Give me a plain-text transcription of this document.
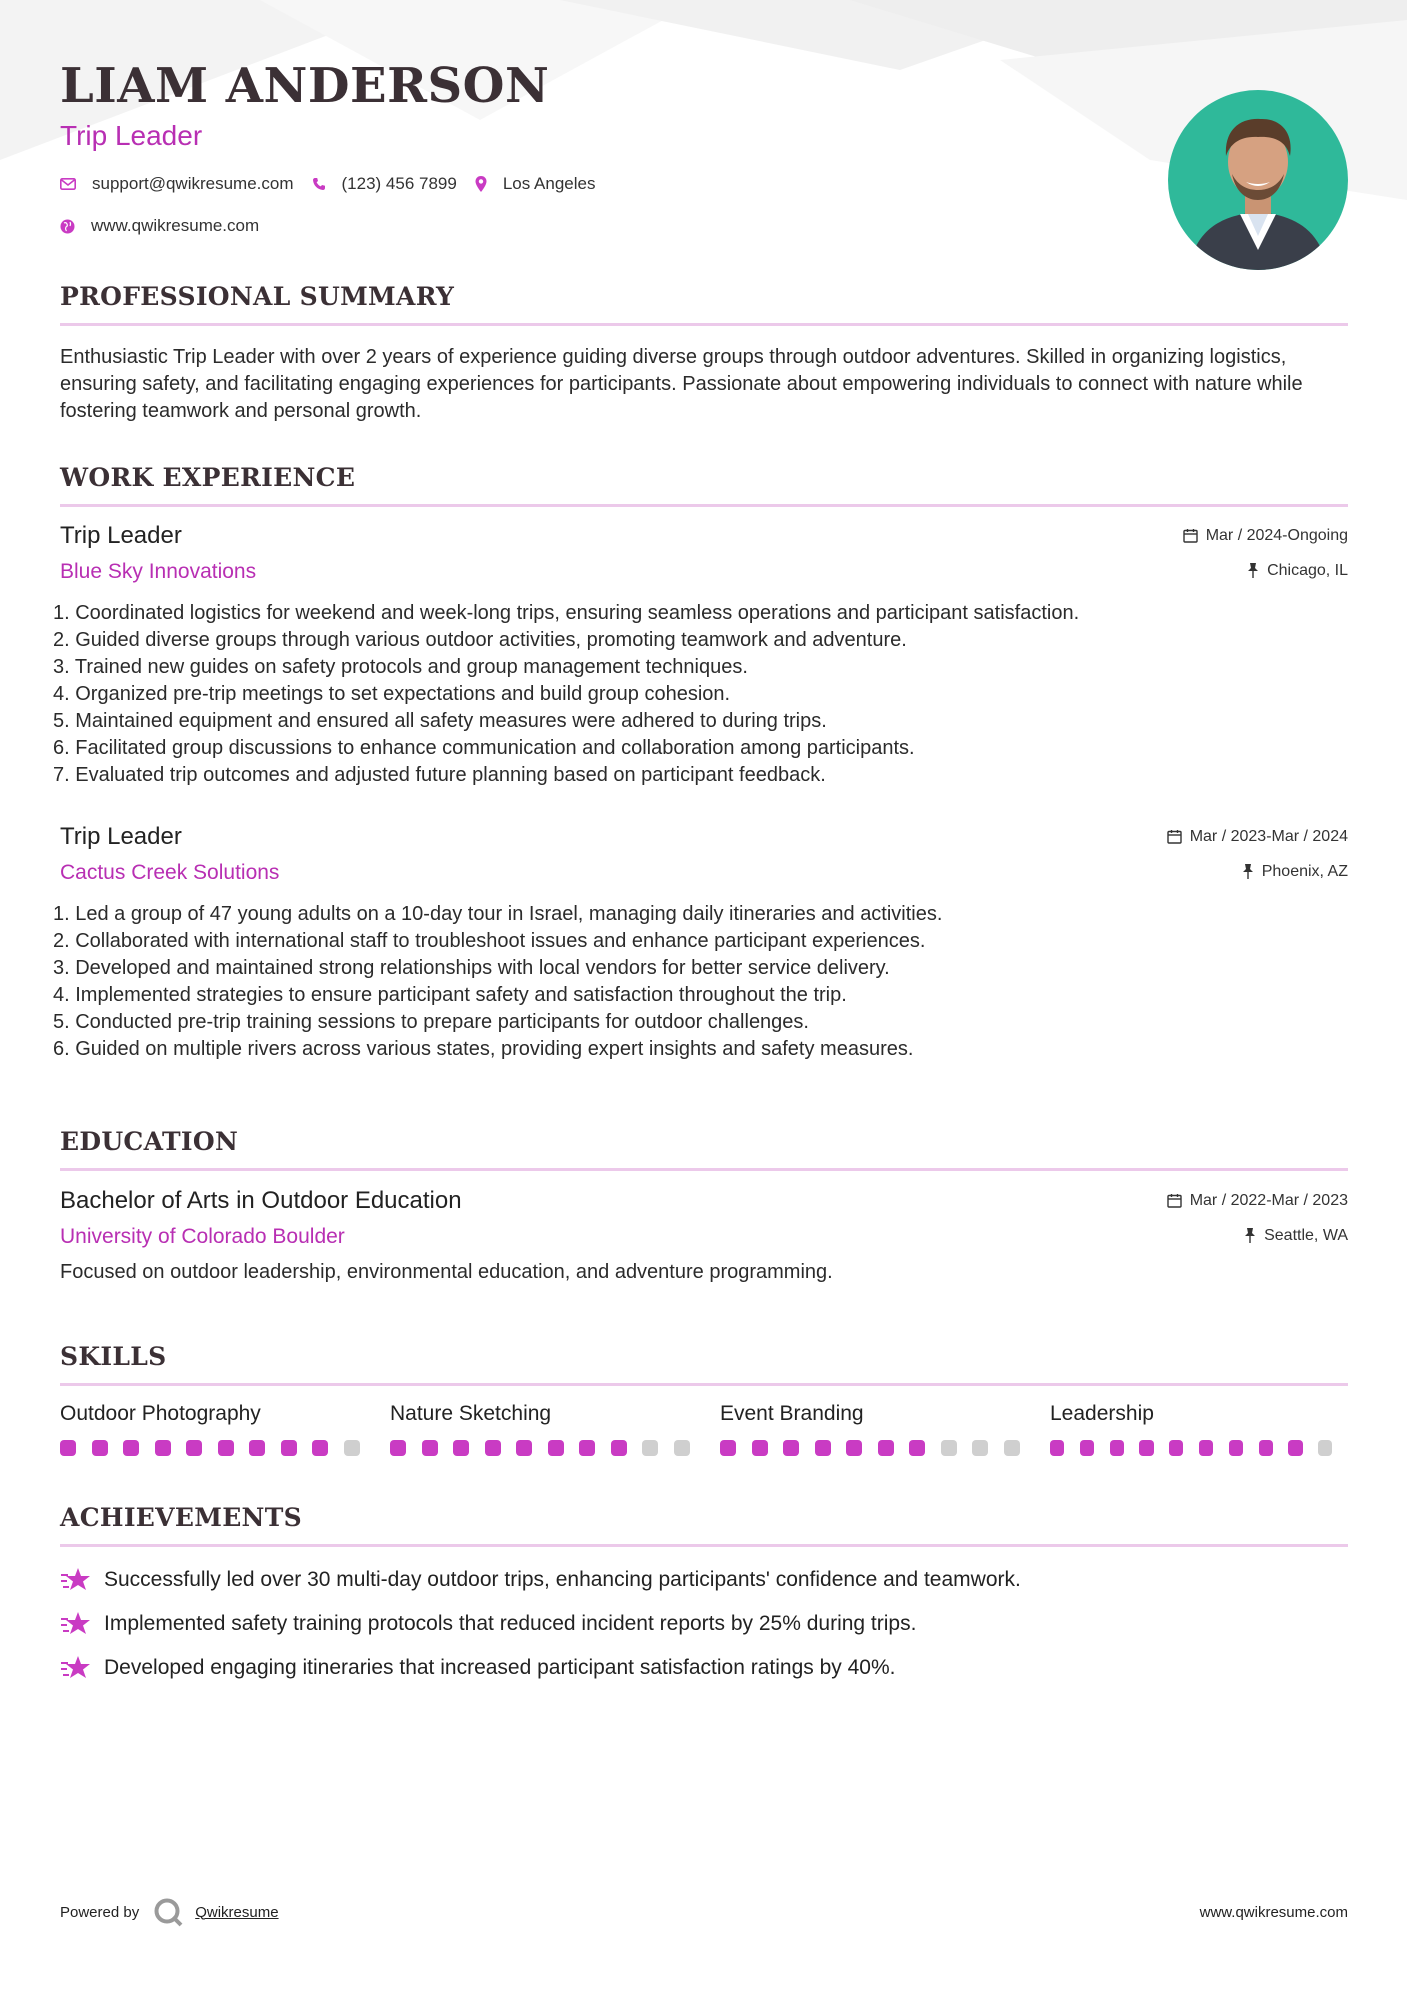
LIAM ANDERSON
Trip Leader
support@qwikresume.com	(123) 456 7899	Los Angeles
www.qwikresume.com
PROFESSIONAL SUMMARY
Enthusiastic Trip Leader with over 2 years of experience guiding diverse groups through outdoor adventures. Skilled in organizing logistics, ensuring safety, and facilitating engaging experiences for participants. Passionate about empowering individuals to connect with nature while fostering teamwork and personal growth.
WORK EXPERIENCE
Trip Leader	Mar / 2024-Ongoing
Blue Sky Innovations	Chicago, IL
1. Coordinated logistics for weekend and week-long trips, ensuring seamless operations and participant satisfaction.
2. Guided diverse groups through various outdoor activities, promoting teamwork and adventure.
3. Trained new guides on safety protocols and group management techniques.
4. Organized pre-trip meetings to set expectations and build group cohesion.
5. Maintained equipment and ensured all safety measures were adhered to during trips.
6. Facilitated group discussions to enhance communication and collaboration among participants.
7. Evaluated trip outcomes and adjusted future planning based on participant feedback.
Trip Leader	Mar / 2023-Mar / 2024
Cactus Creek Solutions	Phoenix, AZ
1. Led a group of 47 young adults on a 10-day tour in Israel, managing daily itineraries and activities.
2. Collaborated with international staff to troubleshoot issues and enhance participant experiences.
3. Developed and maintained strong relationships with local vendors for better service delivery.
4. Implemented strategies to ensure participant safety and satisfaction throughout the trip.
5. Conducted pre-trip training sessions to prepare participants for outdoor challenges.
6. Guided on multiple rivers across various states, providing expert insights and safety measures.
EDUCATION
Bachelor of Arts in Outdoor Education	Mar / 2022-Mar / 2023
University of Colorado Boulder	Seattle, WA
Focused on outdoor leadership, environmental education, and adventure programming.
SKILLS
Outdoor Photography	Nature Sketching	Event Branding	Leadership
ACHIEVEMENTS
Successfully led over 30 multi-day outdoor trips, enhancing participants' confidence and teamwork.
Implemented safety training protocols that reduced incident reports by 25% during trips.
Developed engaging itineraries that increased participant satisfaction ratings by 40%.
Powered by	Qwikresume	www.qwikresume.com
